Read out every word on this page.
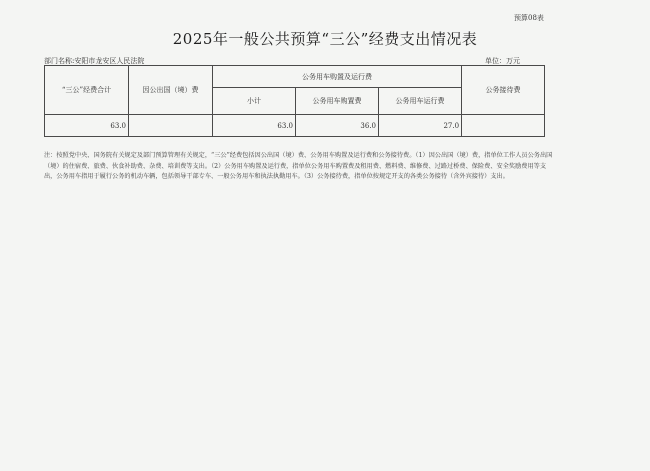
预算08表
2025年一般公共预算“三公”经费支出情况表
部门名称:安阳市龙安区人民法院	单位：万元
“三公”经费合计	因公出国（境）费	公务用车购置及运行费			公务接待费
		小计	公务用车购置费	公务用车运行费	
63.0		63.0	36.0	27.0	
注：按照党中央、国务院有关规定及部门预算管理有关规定，“三公”经费包括因公出国（境）费、公务用车购置及运行费和公务接待费。（1）因公出国（境）费，指单位工作人员公务出国（境）的住宿费、旅费、伙食补助费、杂费、培训费等支出。（2）公务用车购置及运行费，指单位公务用车购置费及租用费、燃料费、维修费、过路过桥费、保险费、安全奖励费用等支出，公务用车指用于履行公务的机动车辆，包括领导干部专车、一般公务用车和执法执勤用车。（3）公务接待费，指单位按规定开支的各类公务接待（含外宾接待）支出。
